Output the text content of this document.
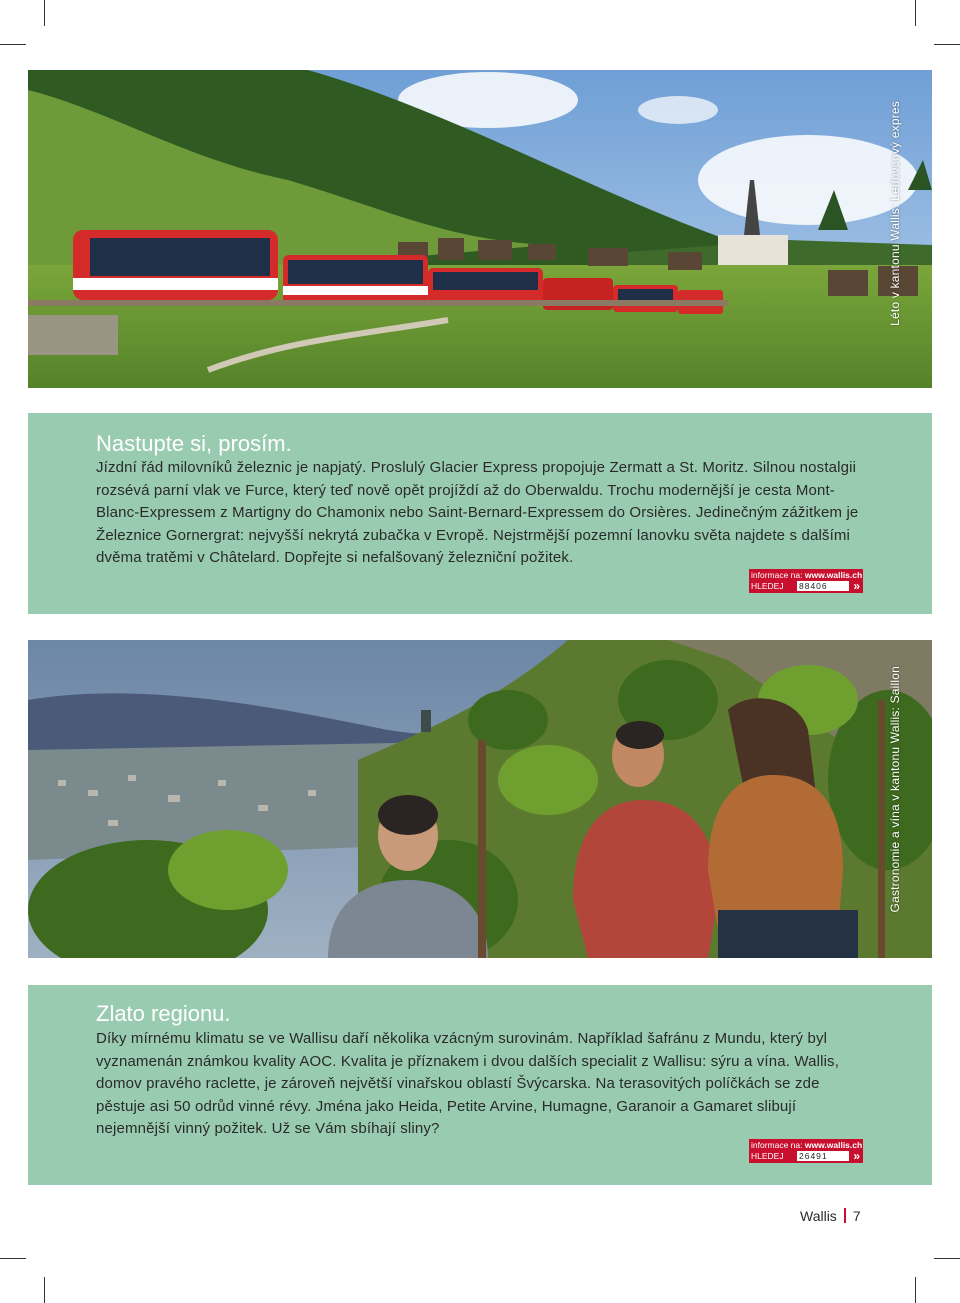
Léto v kantonu Wallis: Ledovcový expres
Nastupte si, prosím.

Jízdní řád milovníků železnic je napjatý. Proslulý Glacier Express propojuje Zermatt a St. Moritz. Silnou nostalgii rozsévá parní vlak ve Furce, který teď nově opět projíždí až do Oberwaldu. Trochu modernější je cesta Mont-Blanc-Expressem z Martigny do Chamonix nebo Saint-Bernard-Expressem do Orsières. Jedinečným zážitkem je Železnice Gornergrat: nejvyšší nekrytá zubačka v Evropě. Nejstrmější pozemní lanovku světa najdete s dalšími dvěma tratěmi v Châtelard. Dopřejte si nefalšovaný železniční požitek.

informace na: www.wallis.ch
HLEDEJ 88406	»
Gastronomie a vína v kantonu Wallis: Saillon
Zlato regionu.

Díky mírnému klimatu se ve Wallisu daří několika vzácným surovinám. Například šafránu z Mundu, který byl vyznamenán známkou kvality AOC. Kvalita je příznakem i dvou dalších specialit z Wallisu: sýru a vína. Wallis, domov pravého raclette, je zároveň největší vinařskou oblastí Švýcarska. Na terasovitých políčkách se zde pěstuje asi 50 odrůd vinné révy. Jména jako Heida, Petite Arvine, Humagne, Garanoir a Gamaret slibují nejemnější vinný požitek. Už se Vám sbíhají sliny?

informace na: www.wallis.ch
HLEDEJ 26491	»
Wallis 7
